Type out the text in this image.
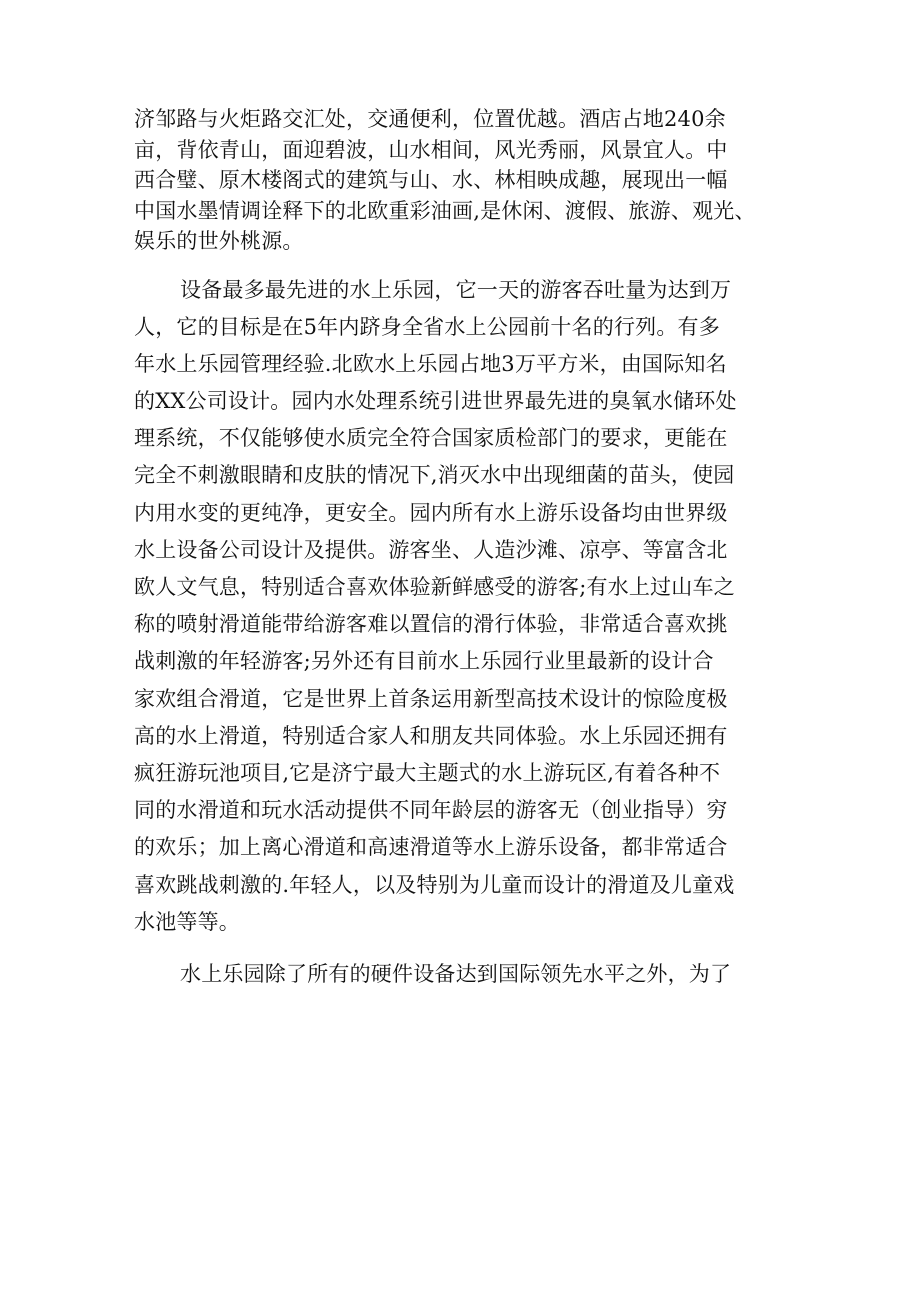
济邹路与火炬路交汇处，交通便利，位置优越。酒店占地240余
亩，背依青山，面迎碧波，山水相间，风光秀丽，风景宜人。中
西合璧、原木楼阁式的建筑与山、水、林相映成趣，展现出一幅
中国水墨情调诠释下的北欧重彩油画,是休闲、渡假、旅游、观光、
娱乐的世外桃源。
设备最多最先进的水上乐园，它一天的游客吞吐量为达到万
人，它的目标是在5年内跻身全省水上公园前十名的行列。有多
年水上乐园管理经验.北欧水上乐园占地3万平方米，由国际知名
的XX公司设计。园内水处理系统引进世界最先进的臭氧水储环处
理系统，不仅能够使水质完全符合国家质检部门的要求，更能在
完全不刺激眼睛和皮肤的情况下,消灭水中出现细菌的苗头，使园
内用水变的更纯净，更安全。园内所有水上游乐设备均由世界级
水上设备公司设计及提供。游客坐、人造沙滩、凉亭、等富含北
欧人文气息，特别适合喜欢体验新鲜感受的游客;有水上过山车之
称的喷射滑道能带给游客难以置信的滑行体验，非常适合喜欢挑
战刺激的年轻游客;另外还有目前水上乐园行业里最新的设计合
家欢组合滑道，它是世界上首条运用新型高技术设计的惊险度极
高的水上滑道，特别适合家人和朋友共同体验。水上乐园还拥有
疯狂游玩池项目,它是济宁最大主题式的水上游玩区,有着各种不
同的水滑道和玩水活动提供不同年龄层的游客无（创业指导）穷
的欢乐；加上离心滑道和高速滑道等水上游乐设备，都非常适合
喜欢跳战刺激的.年轻人，以及特别为儿童而设计的滑道及儿童戏
水池等等。
水上乐园除了所有的硬件设备达到国际领先水平之外，为了
